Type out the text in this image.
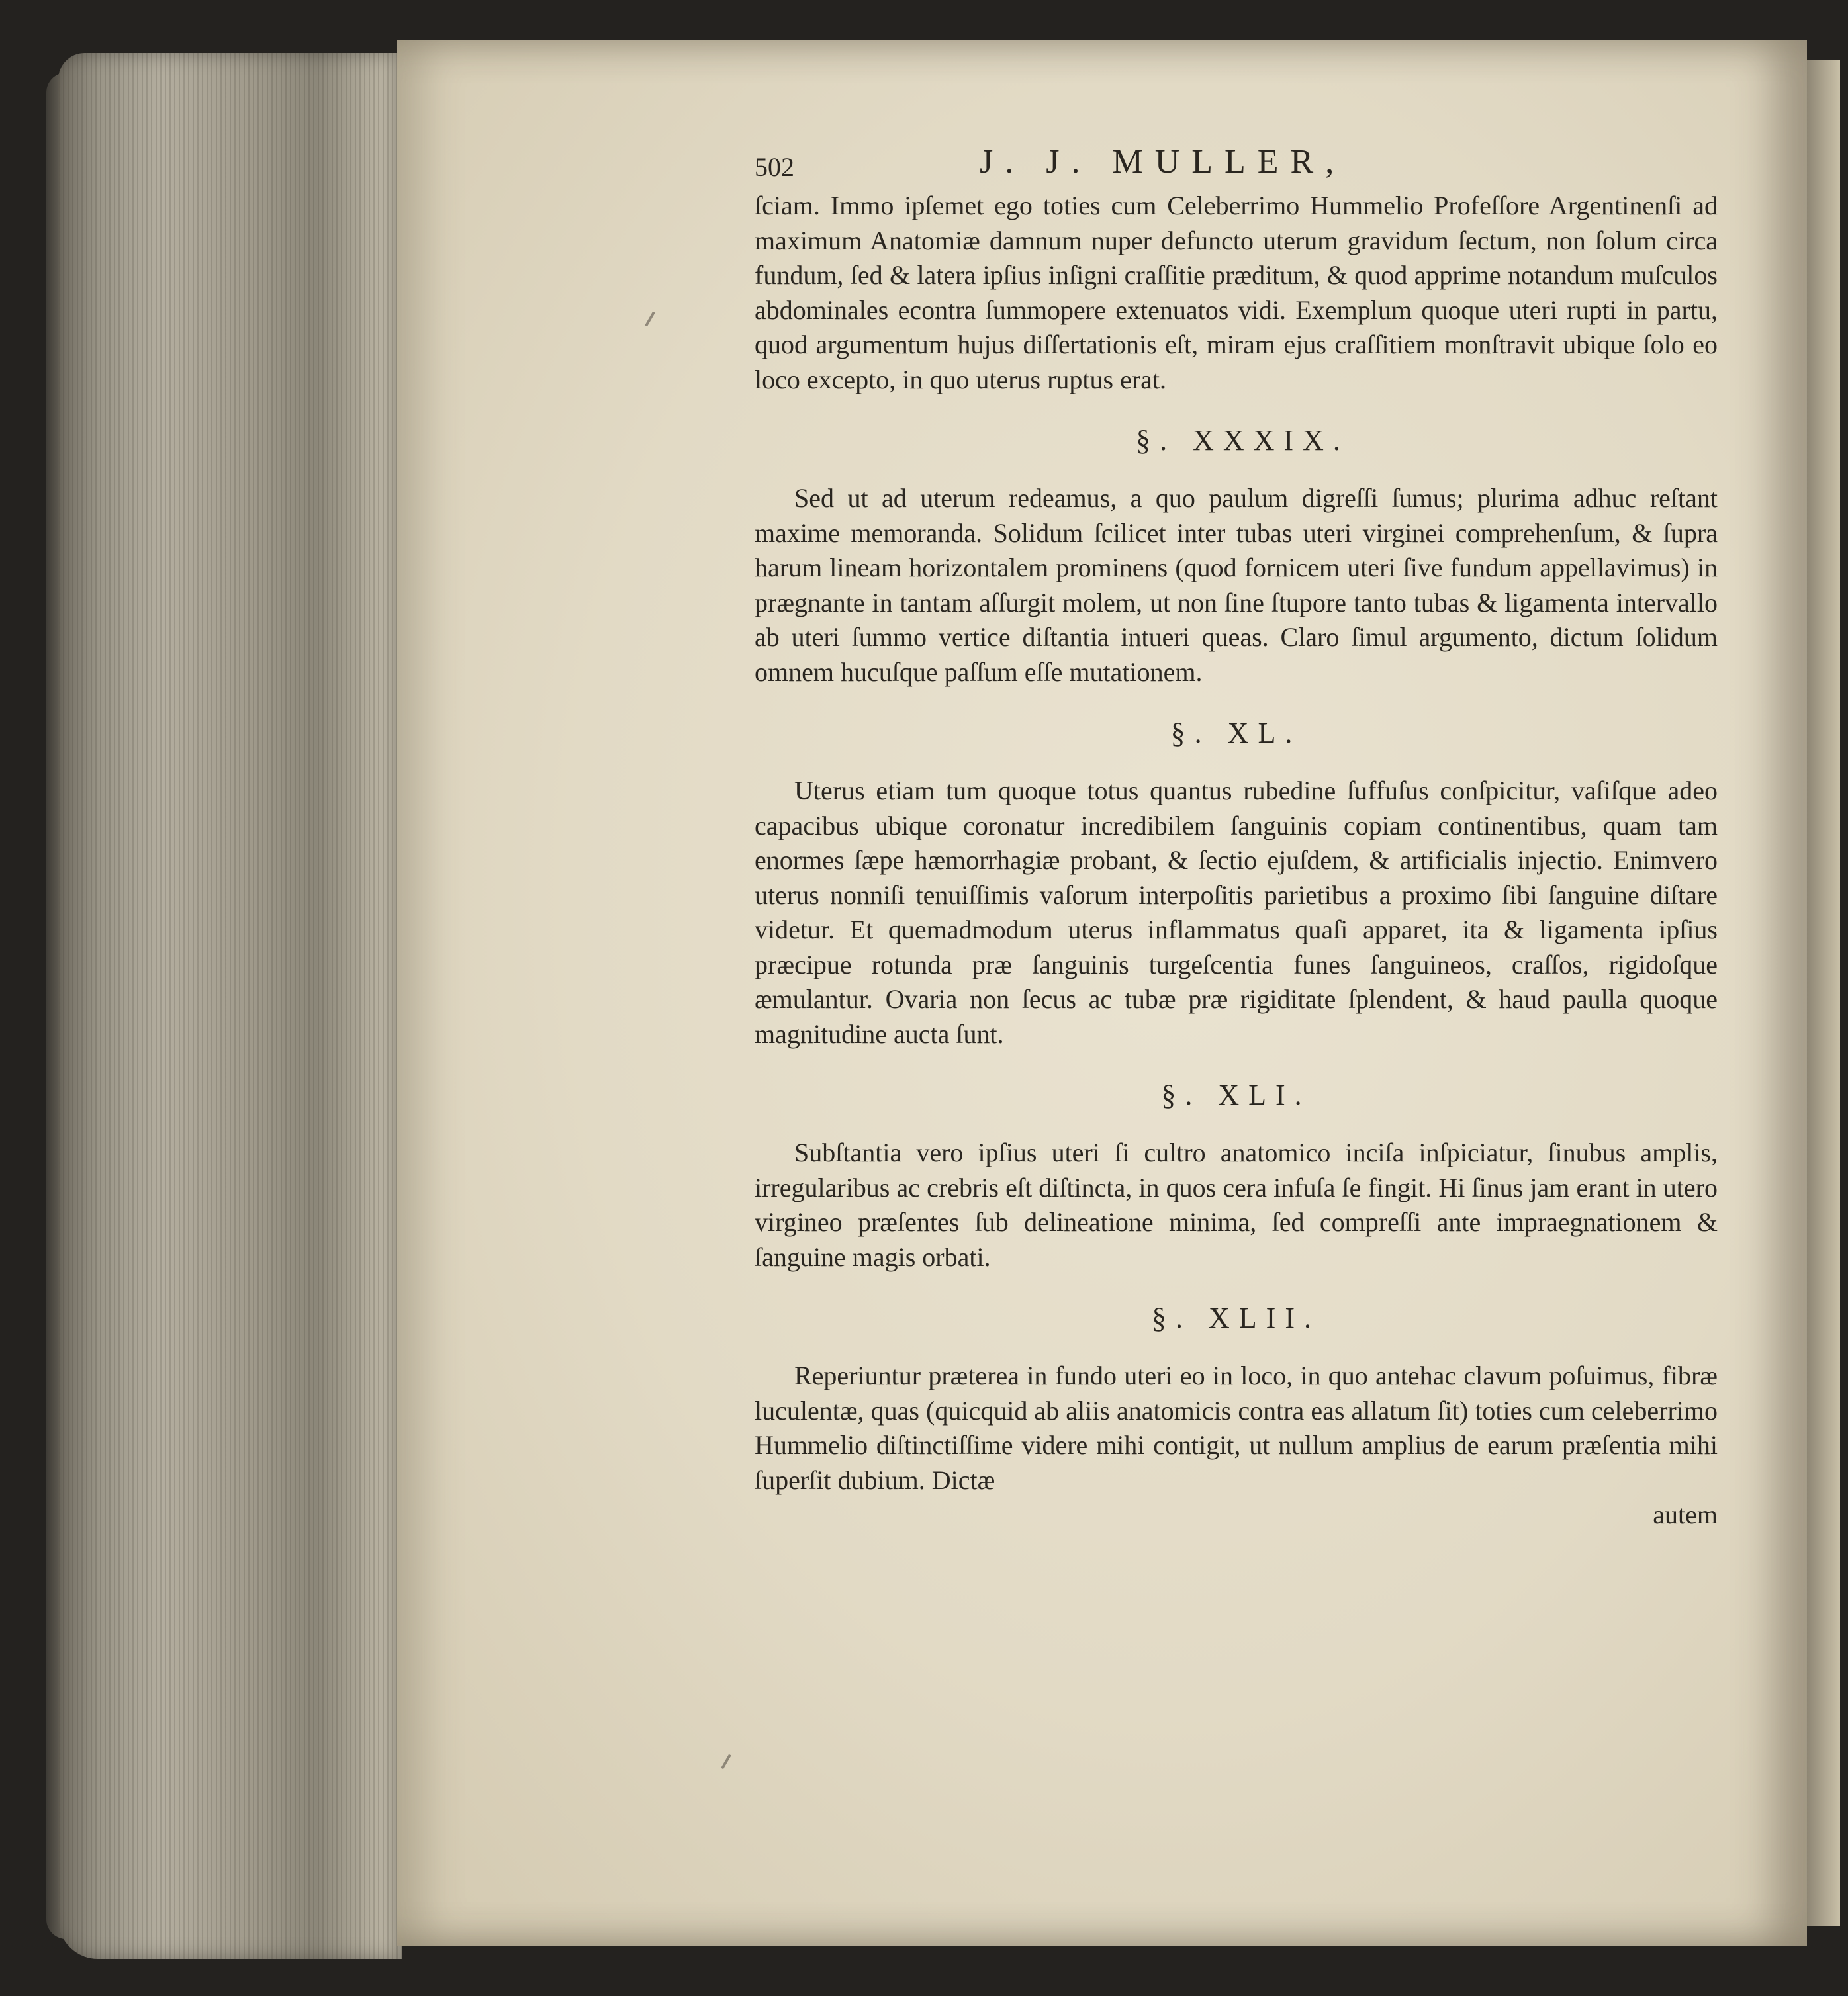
502	J. J. MULLER,

ſciam. Immo ipſemet ego toties cum Celeberrimo Hummelio Profeſſore Argentinenſi ad maximum Anatomiæ damnum nuper defuncto uterum gravidum ſectum, non ſolum circa fundum, ſed & latera ipſius inſigni craſſitie præditum, & quod apprime notandum muſculos abdominales econtra ſummopere extenuatos vidi. Exemplum quoque uteri rupti in partu, quod argumentum hujus diſſertationis eſt, miram ejus craſſitiem monſtravit ubique ſolo eo loco excepto, in quo uterus ruptus erat.

§. XXXIX.

Sed ut ad uterum redeamus, a quo paulum digreſſi ſumus; plurima adhuc reſtant maxime memoranda. Solidum ſcilicet inter tubas uteri virginei comprehenſum, & ſupra harum lineam horizontalem prominens (quod fornicem uteri ſive fundum appellavimus) in prægnante in tantam aſſurgit molem, ut non ſine ſtupore tanto tubas & ligamenta intervallo ab uteri ſummo vertice diſtantia intueri queas. Claro ſimul argumento, dictum ſolidum omnem hucuſque paſſum eſſe mutationem.

§. XL.

Uterus etiam tum quoque totus quantus rubedine ſuffuſus conſpicitur, vaſiſque adeo capacibus ubique coronatur incredibilem ſanguinis copiam continentibus, quam tam enormes ſæpe hæmorrhagiæ probant, & ſectio ejuſdem, & artificialis injectio. Enimvero uterus nonniſi tenuiſſimis vaſorum interpoſitis parietibus a proximo ſibi ſanguine diſtare videtur. Et quemadmodum uterus inflammatus quaſi apparet, ita & ligamenta ipſius præcipue rotunda præ ſanguinis turgeſcentia funes ſanguineos, craſſos, rigidoſque æmulantur. Ovaria non ſecus ac tubæ præ rigiditate ſplendent, & haud paulla quoque magnitudine aucta ſunt.

§. XLI.

Subſtantia vero ipſius uteri ſi cultro anatomico inciſa inſpiciatur, ſinubus amplis, irregularibus ac crebris eſt diſtincta, in quos cera infuſa ſe fingit. Hi ſinus jam erant in utero virgineo præſentes ſub delineatione minima, ſed compreſſi ante impraegnationem & ſanguine magis orbati.

§. XLII.

Reperiuntur præterea in fundo uteri eo in loco, in quo antehac clavum poſuimus, fibræ luculentæ, quas (quicquid ab aliis anatomicis contra eas allatum ſit) toties cum celeberrimo Hummelio diſtinctiſſime videre mihi contigit, ut nullum amplius de earum præſentia mihi ſuperſit dubium. Dictæ

autem
